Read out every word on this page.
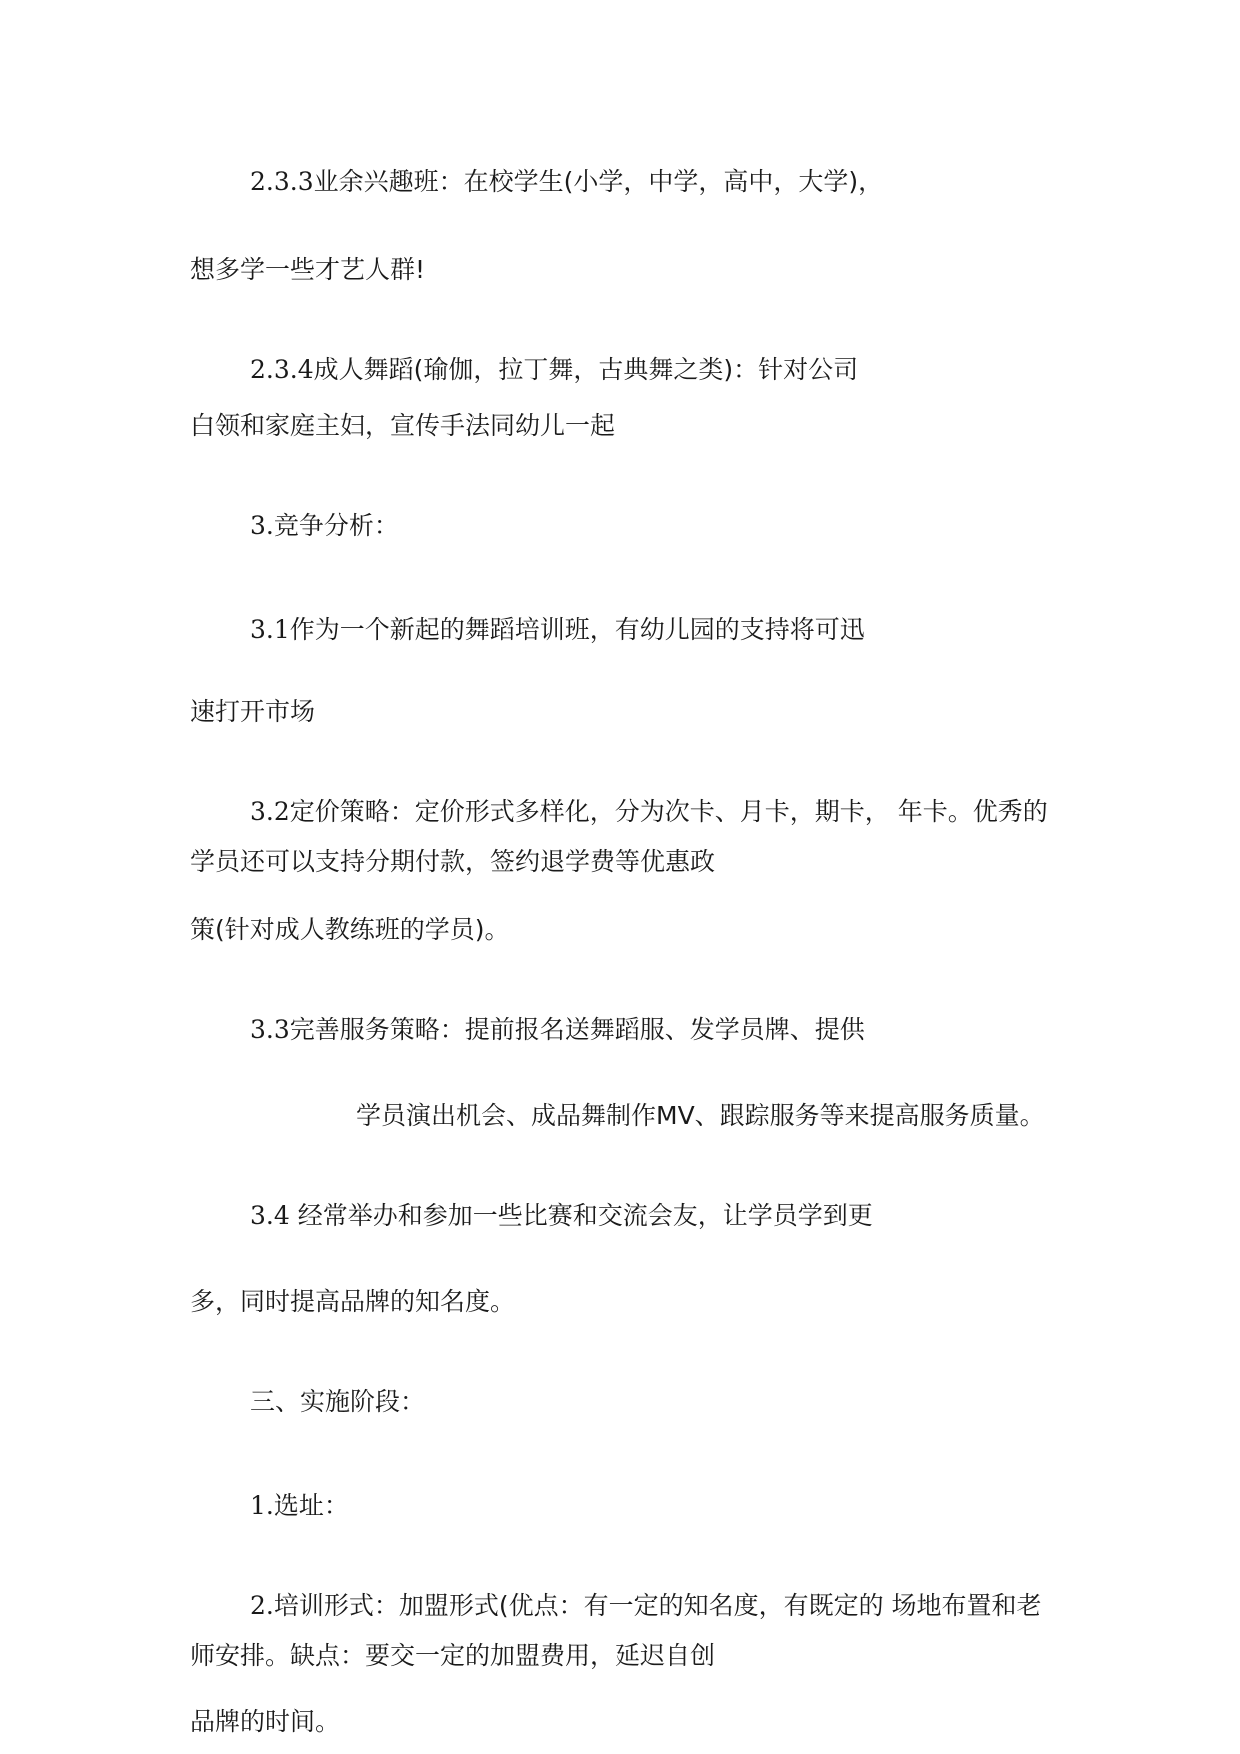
2.3.3业余兴趣班：在校学生(小学，中学，高中，大学)，
想多学一些才艺人群!
2.3.4成人舞蹈(瑜伽，拉丁舞，古典舞之类)：针对公司
白领和家庭主妇，宣传手法同幼儿一起
3.竞争分析：
3.1作为一个新起的舞蹈培训班，有幼儿园的支持将可迅
速打开市场
3.2定价策略：定价形式多样化，分为次卡、月卡，期卡， 年卡。优秀的
学员还可以支持分期付款，签约退学费等优惠政
策(针对成人教练班的学员)。
3.3完善服务策略：提前报名送舞蹈服、发学员牌、提供
学员演出机会、成品舞制作MV、跟踪服务等来提高服务质量。
3.4 经常举办和参加一些比赛和交流会友，让学员学到更
多，同时提高品牌的知名度。
三、实施阶段：
1.选址：
2.培训形式：加盟形式(优点：有一定的知名度，有既定的 场地布置和老
师安排。缺点：要交一定的加盟费用，延迟自创
品牌的时间。
